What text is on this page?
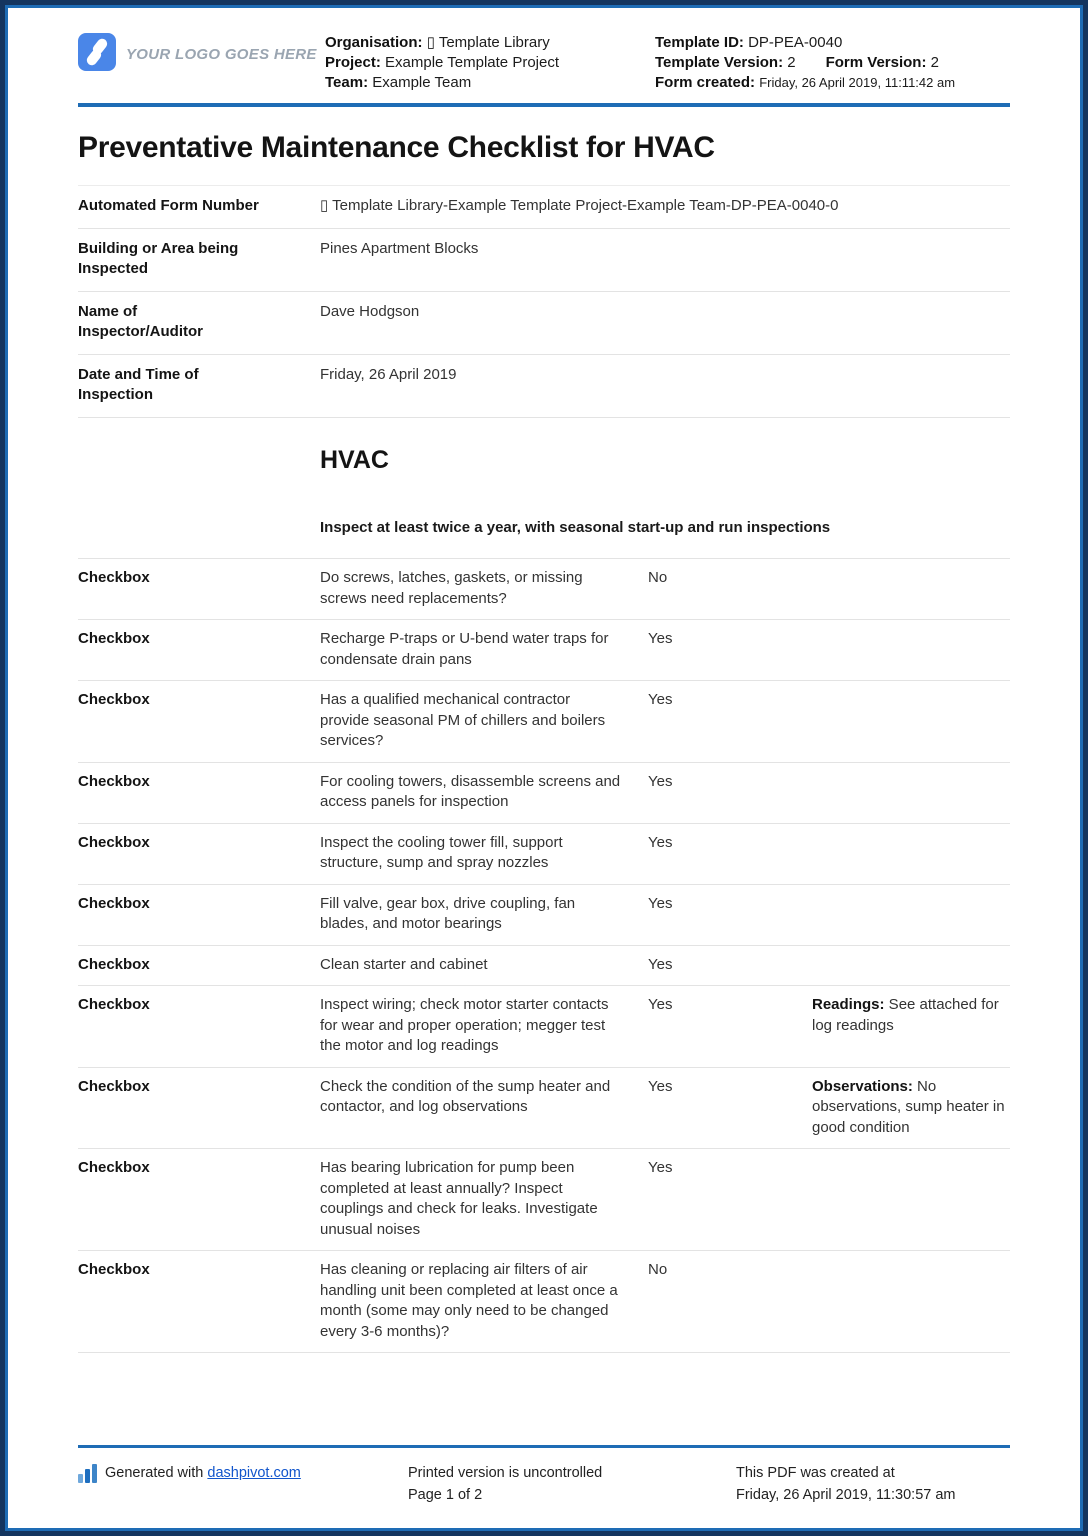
YOUR LOGO GOES HERE

Organisation: ▯ Template Library

Project: Example Template Project

Team: Example Team

Template ID: DP-PEA-0040

Template Version: 2 Form Version: 2

Form created: Friday, 26 April 2019, 11:11:42 am

Preventative Maintenance Checklist for HVAC
Automated Form Number	▯ Template Library-Example Template Project-Example Team-DP-PEA-0040-0
Building or Area being Inspected
Pines Apartment Blocks
Name of Inspector/Auditor
Dave Hodgson
Date and Time of Inspection
Friday, 26 April 2019
HVAC
Inspect at least twice a year, with seasonal start-up and run inspections
Checkbox	Do screws, latches, gaskets, or missing screws need replacements?
No
Checkbox	Recharge P-traps or U-bend water traps for condensate drain pans
Yes
Checkbox	Has a qualified mechanical contractor provide seasonal PM of chillers and boilers services?
Yes
Checkbox	For cooling towers, disassemble screens and access panels for inspection
Yes
Checkbox	Inspect the cooling tower fill, support structure, sump and spray nozzles
Yes
Checkbox	Fill valve, gear box, drive coupling, fan blades, and motor bearings
Yes
Checkbox	Clean starter and cabinet	Yes
Checkbox	Inspect wiring; check motor starter contacts for wear and proper operation; megger test the motor and log readings
Yes	Readings: See attached for log readings
Checkbox	Check the condition of the sump heater and contactor, and log observations
Yes	Observations: No observations, sump heater in good condition
Checkbox	Has bearing lubrication for pump been completed at least annually? Inspect couplings and check for leaks. Investigate unusual noises
Yes
Checkbox	Has cleaning or replacing air filters of air handling unit been completed at least once a month (some may only need to be changed every 3-6 months)?
No

Generated with dashpivot.com	Printed version is uncontrolled

Page 1 of 2

This PDF was created at

Friday, 26 April 2019, 11:30:57 am
